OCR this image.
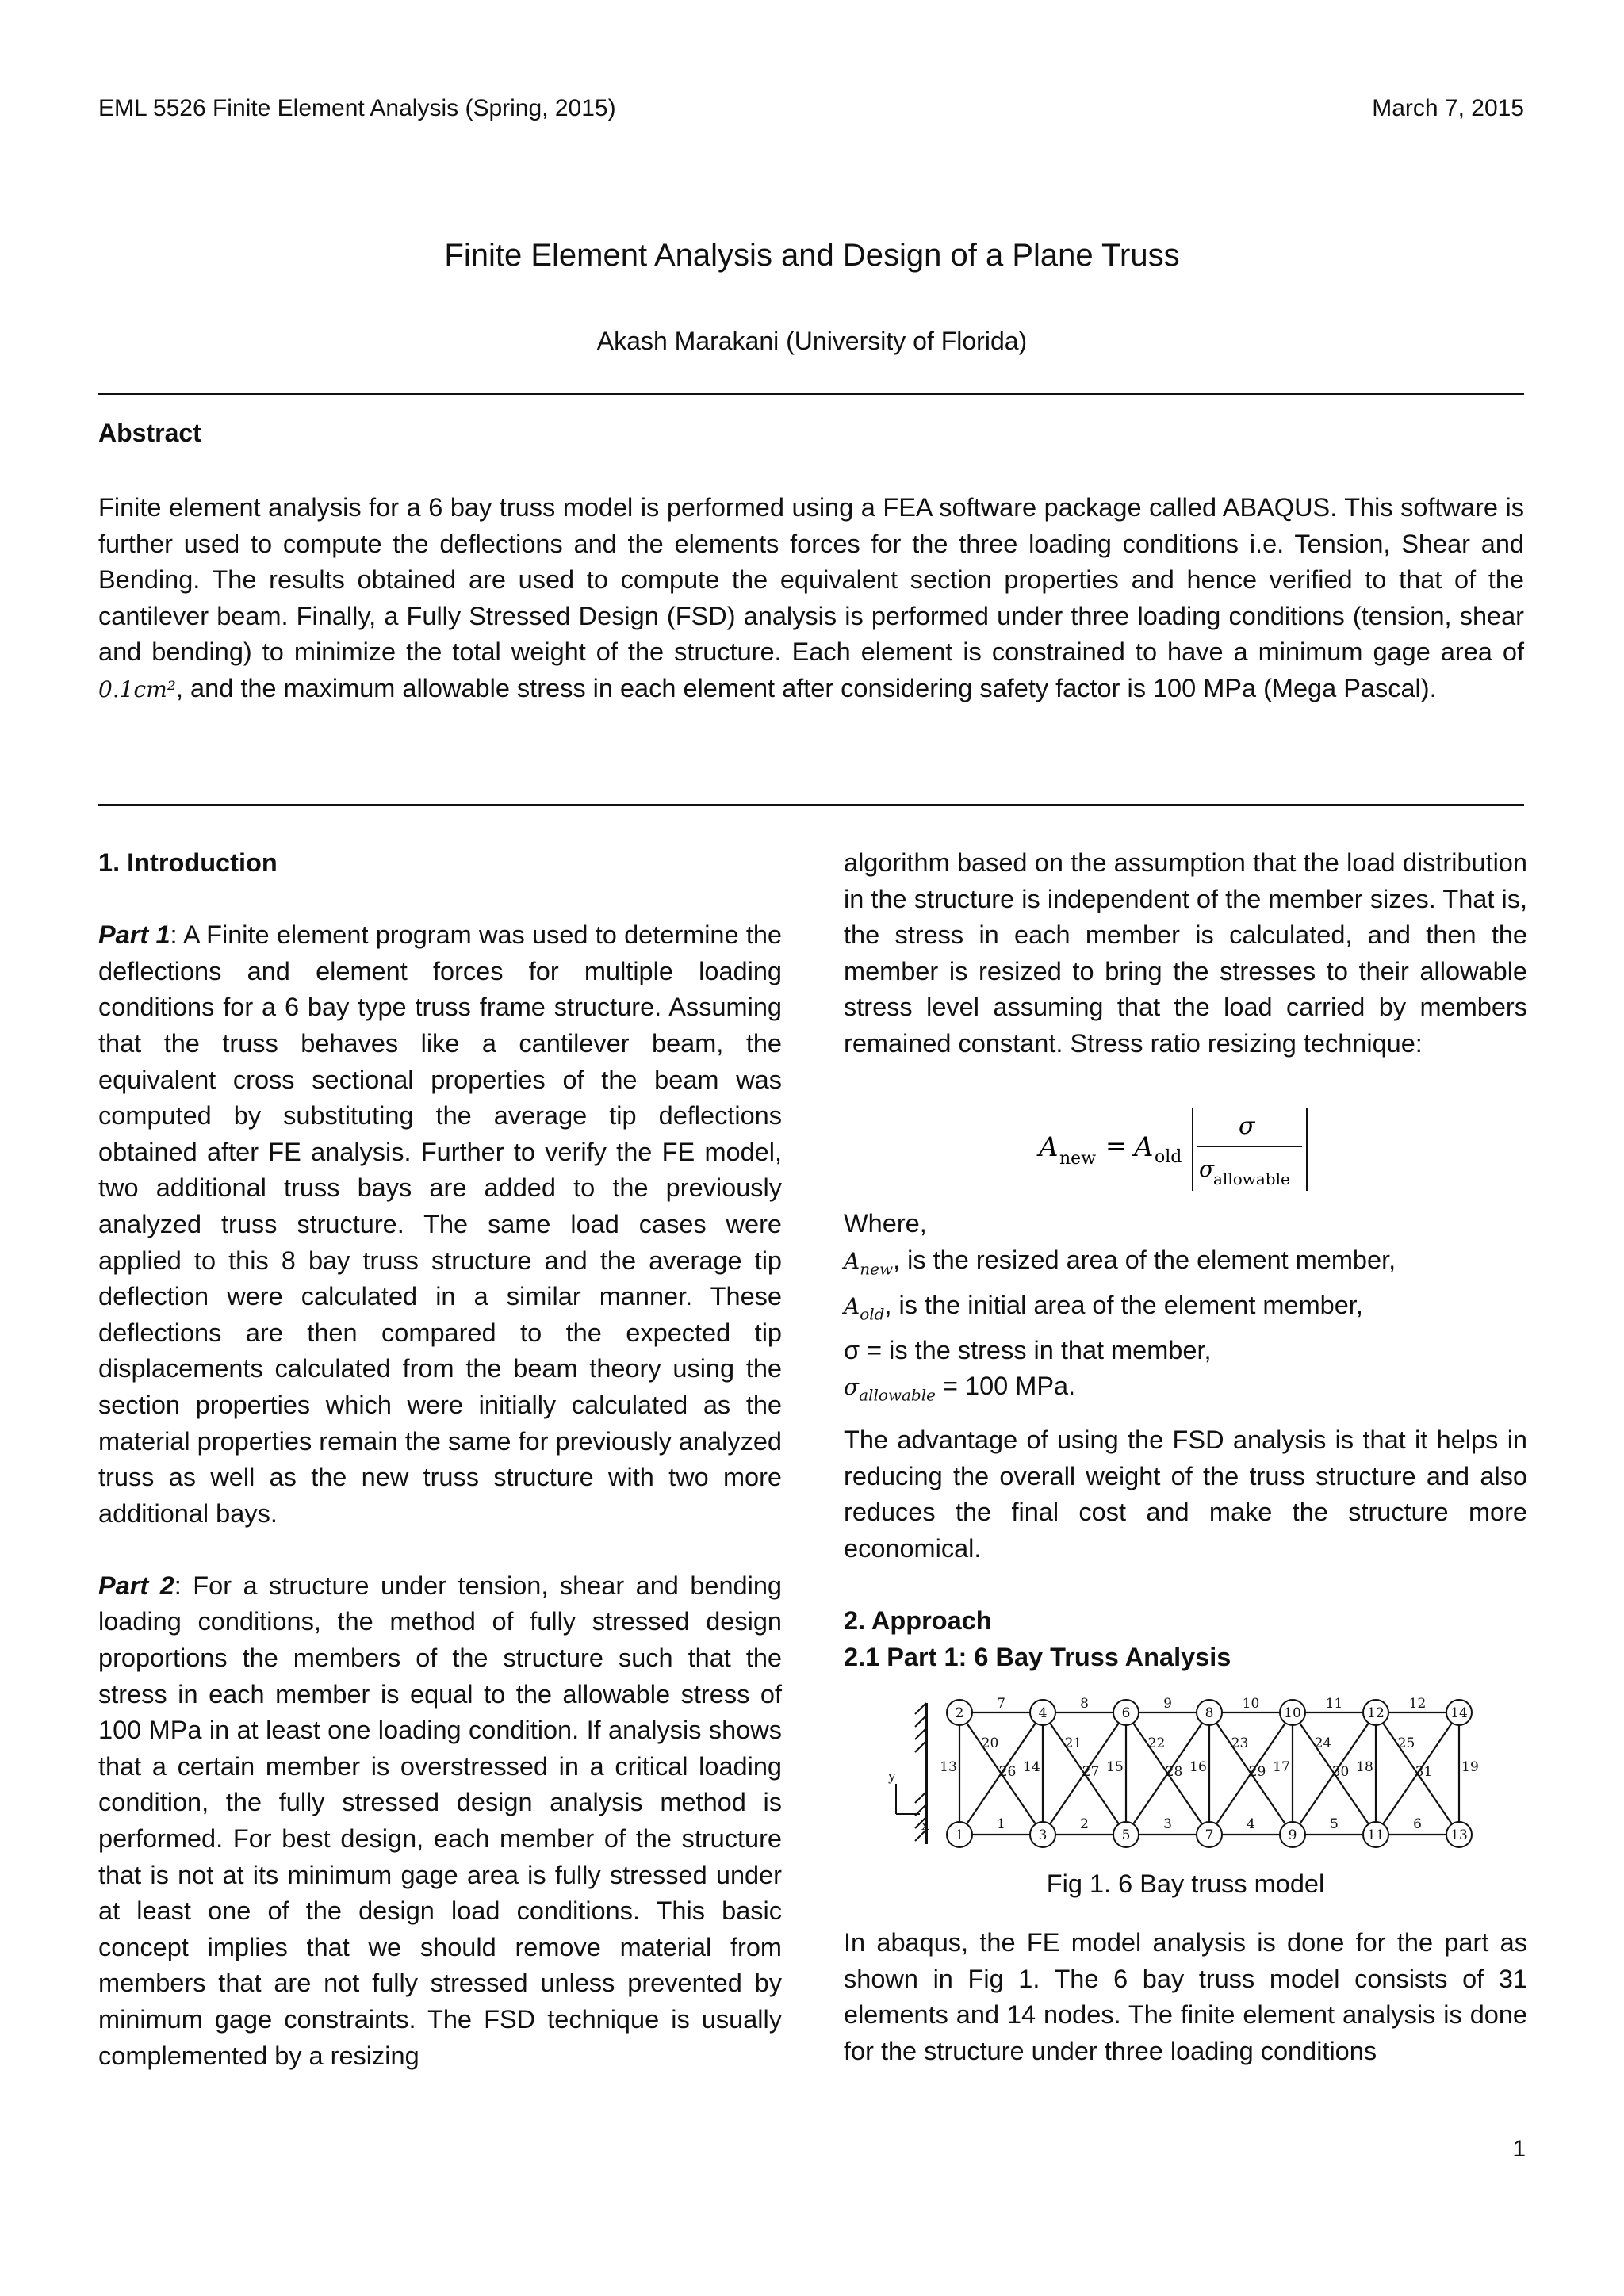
EML 5526 Finite Element Analysis (Spring, 2015)	March 7, 2015
Finite Element Analysis and Design of a Plane Truss
Akash Marakani (University of Florida)
Abstract
Finite element analysis for a 6 bay truss model is performed using a FEA software package called ABAQUS. This software is further used to compute the deflections and the elements forces for the three loading conditions i.e. Tension, Shear and Bending. The results obtained are used to compute the equivalent section properties and hence verified to that of the cantilever beam. Finally, a Fully Stressed Design (FSD) analysis is performed under three loading conditions (tension, shear and bending) to minimize the total weight of the structure. Each element is constrained to have a minimum gage area of 0.1cm², and the maximum allowable stress in each element after considering safety factor is 100 MPa (Mega Pascal).

1. Introduction

Part 1: A Finite element program was used to determine the deflections and element forces for multiple loading conditions for a 6 bay type truss frame structure. Assuming that the truss behaves like a cantilever beam, the equivalent cross sectional properties of the beam was computed by substituting the average tip deflections obtained after FE analysis. Further to verify the FE model, two additional truss bays are added to the previously analyzed truss structure. The same load cases were applied to this 8 bay truss structure and the average tip deflection were calculated in a similar manner. These deflections are then compared to the expected tip displacements calculated from the beam theory using the section properties which were initially calculated as the material properties remain the same for previously analyzed truss as well as the new truss structure with two more additional bays.

Part 2: For a structure under tension, shear and bending loading conditions, the method of fully stressed design proportions the members of the structure such that the stress in each member is equal to the allowable stress of 100 MPa in at least one loading condition. If analysis shows that a certain member is overstressed in a critical loading condition, the fully stressed design analysis method is performed. For best design, each member of the structure that is not at its minimum gage area is fully stressed under at least one of the design load conditions. This basic concept implies that we should remove material from members that are not fully stressed unless prevented by minimum gage constraints. The FSD technique is usually complemented by a resizing

algorithm based on the assumption that the load distribution in the structure is independent of the member sizes. That is, the stress in each member is calculated, and then the member is resized to bring the stresses to their allowable stress level assuming that the load carried by members remained constant. Stress ratio resizing technique:
A new = A old
σ
σ
allowable

Where,

$A_{new}$, is the resized area of the element member,

$A_{old}$, is the initial area of the element member,

σ = is the stress in that member,

$\sigma_{allowable} = 100$ MPa.

The advantage of using the FSD analysis is that it helps in reducing the overall weight of the truss structure and also reduces the final cost and make the structure more economical.

2. Approach

2.1 Part 1: 6 Bay Truss Analysis

y
x
7
1
20
26
8
2
21
27
9
3
22
28
10
4
23
29
11
5
24
30
12
6
25
31
13	14	15	16	17	18	19
2
1
4
3
6
5
8
7
10
9
12
11
14
13
Fig 1. 6 Bay truss model
In abaqus, the FE model analysis is done for the part as shown in Fig 1. The 6 bay truss model consists of 31 elements and 14 nodes. The finite element analysis is done for the structure under three loading conditions
1
